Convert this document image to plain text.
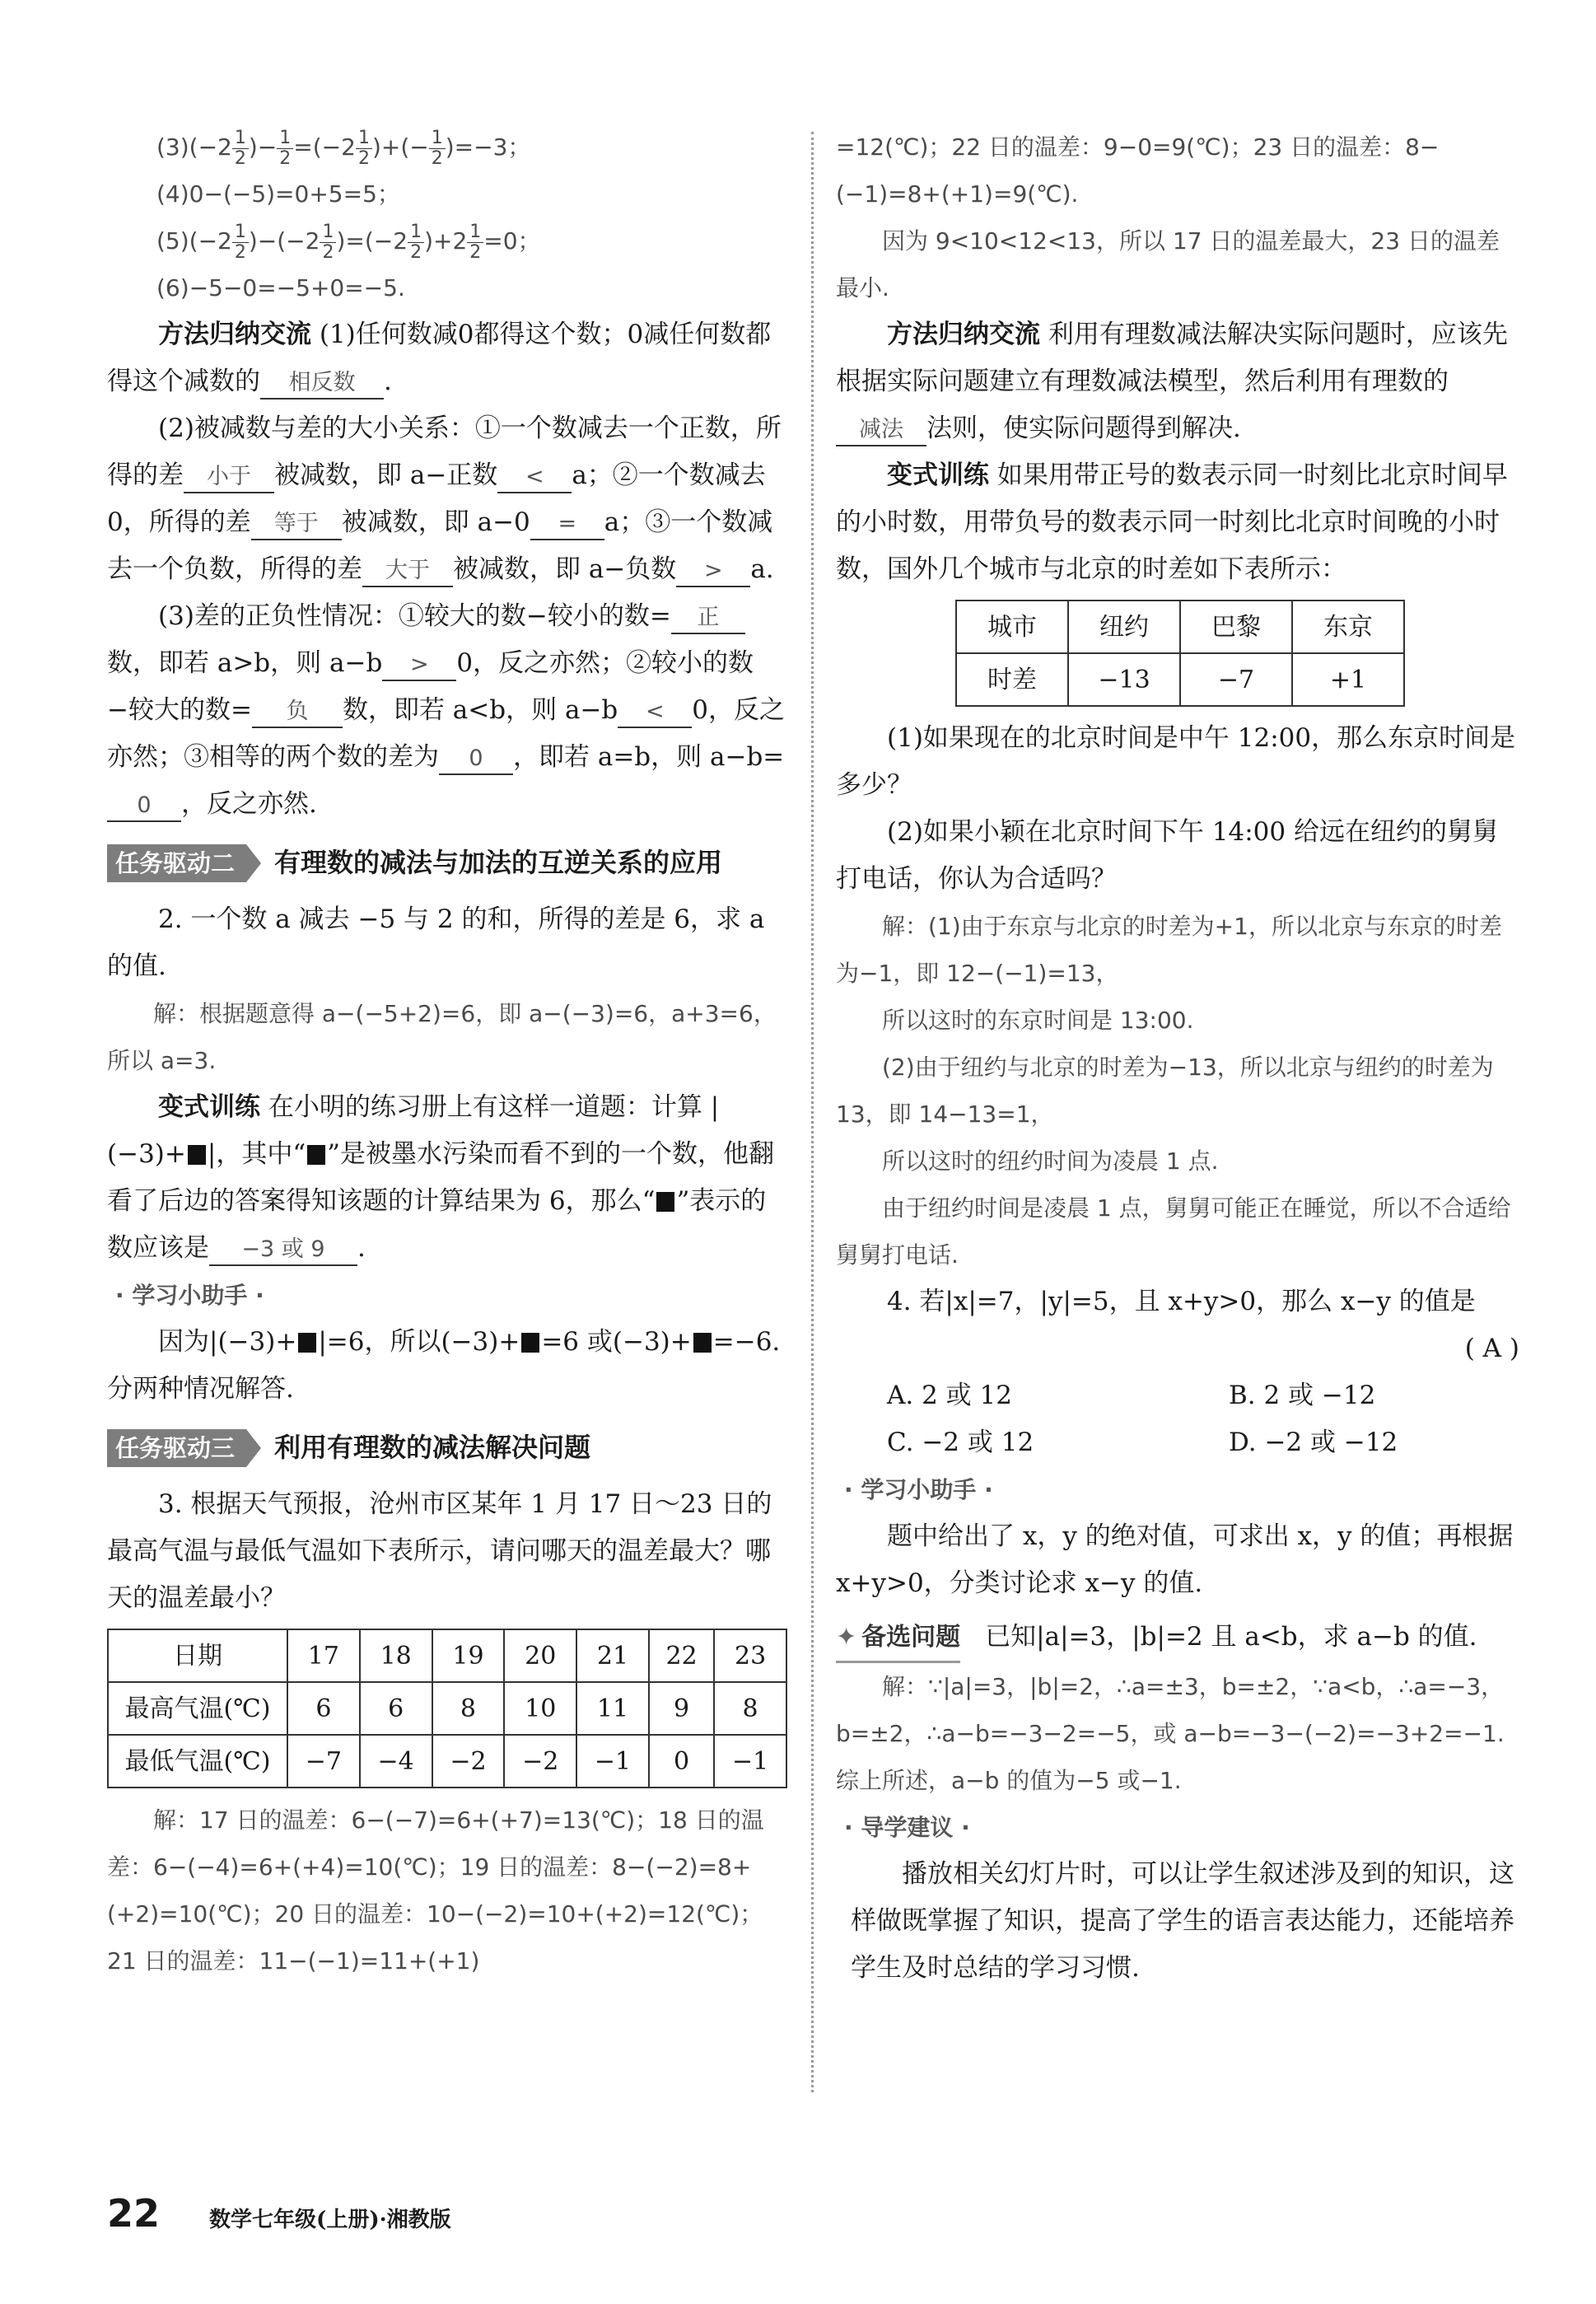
$(3)(-2 \frac{1}{2}$ )− $\frac{1}{2} =(-2 \frac{1}{2}$ )+(− $\frac{1}{2} )=-3$；

(4)0−(−5)=0+5=5；

$(5)(-2 \frac{1}{2} )-(-2 \frac{1}{2} )=(-2 \frac{1}{2} )+2 \frac{1}{2} =0$；

(6)−5−0=−5+0=−5.

方法归纳交流 (1)任何数减0都得这个数；0减任何数都得这个减数的 相反数 .

(2)被减数与差的大小关系：①一个数减去一个正数，所得的差 小于 被减数，即 a−正数 < a；②一个数减去0，所得的差 等于 被减数，即 a−0 = a；③一个数减去一个负数，所得的差 大于 被减数，即 a−负数 > a.

(3)差的正负性情况：①较大的数−较小的数= 正数，即若 a>b，则 a−b > 0，反之亦然；②较小的数−较大的数= 负 数，即若 a<b，则 a−b < 0，反之亦然；③相等的两个数的差为 0 ，即若 a=b，则 a−b=0 ，反之亦然.

任务驱动二	有理数的减法与加法的互逆关系的应用

2. 一个数 a 减去 −5 与 2 的和，所得的差是 6，求 a 的值.

解：根据题意得 a−(−5+2)=6，即 a−(−3)=6，a+3=6，所以 a=3.

变式训练 在小明的练习册上有这样一道题：计算 |(−3)+ |，其中“ ”是被墨水污染而看不到的一个数，他翻看了后边的答案得知该题的计算结果为 6，那么“ ”表示的数应该是 −3 或 9 .

· 学习小助手 ·

因为|(−3)+ |=6，所以(−3)+ =6 或(−3)+ =−6. 分两种情况解答.

任务驱动三	利用有理数的减法解决问题

3. 根据天气预报，沧州市区某年 1 月 17 日～23 日的最高气温与最低气温如下表所示，请问哪天的温差最大？哪天的温差最小？

日期	17	18	19	20	21	22	23
最高气温(℃)	6	6	8	10	11	9	8
最低气温(℃)	−7	−4	−2	−2	−1	0	−1

解：17 日的温差：6−(−7)=6+(+7)=13(℃)；18 日的温差：6−(−4)=6+(+4)=10(℃)；19 日的温差：8−(−2)=8+(+2)=10(℃)；20 日的温差：10−(−2)=10+(+2)=12(℃)；21 日的温差：11−(−1)=11+(+1)

=12(℃)；22 日的温差：9−0=9(℃)；23 日的温差：8−(−1)=8+(+1)=9(℃).

因为 9<10<12<13，所以 17 日的温差最大，23 日的温差最小.

方法归纳交流 利用有理数减法解决实际问题时，应该先根据实际问题建立有理数减法模型，然后利用有理数的减法 法则，使实际问题得到解决.

变式训练 如果用带正号的数表示同一时刻比北京时间早的小时数，用带负号的数表示同一时刻比北京时间晚的小时数，国外几个城市与北京的时差如下表所示：

城市	纽约	巴黎	东京
时差	−13	−7	+1

(1)如果现在的北京时间是中午 12:00，那么东京时间是多少？

(2)如果小颖在北京时间下午 14:00 给远在纽约的舅舅打电话，你认为合适吗？

解：(1)由于东京与北京的时差为+1，所以北京与东京的时差为−1，即 12−(−1)=13，

所以这时的东京时间是 13:00.

(2)由于纽约与北京的时差为−13，所以北京与纽约的时差为 13，即 14−13=1，

所以这时的纽约时间为凌晨 1 点.

由于纽约时间是凌晨 1 点，舅舅可能正在睡觉，所以不合适给舅舅打电话.

4. 若|x|=7，|y|=5，且 x+y>0，那么 x−y 的值是

( A )

A. 2 或 12	B. 2 或 −12
C. −2 或 12	D. −2 或 −12

· 学习小助手 ·

题中给出了 x，y 的绝对值，可求出 x，y 的值；再根据 x+y>0，分类讨论求 x−y 的值.

✦ 备选问题 已知|a|=3，|b|=2 且 a<b，求 a−b 的值.

解：∵|a|=3，|b|=2，∴a=±3，b=±2，∵a<b，∴a=−3，b=±2，∴a−b=−3−2=−5，或 a−b=−3−(−2)=−3+2=−1. 综上所述，a−b 的值为−5 或−1.

· 导学建议 ·

播放相关幻灯片时，可以让学生叙述涉及到的知识，这样做既掌握了知识，提高了学生的语言表达能力，还能培养学生及时总结的学习习惯.

22 数学七年级(上册)·湘教版
